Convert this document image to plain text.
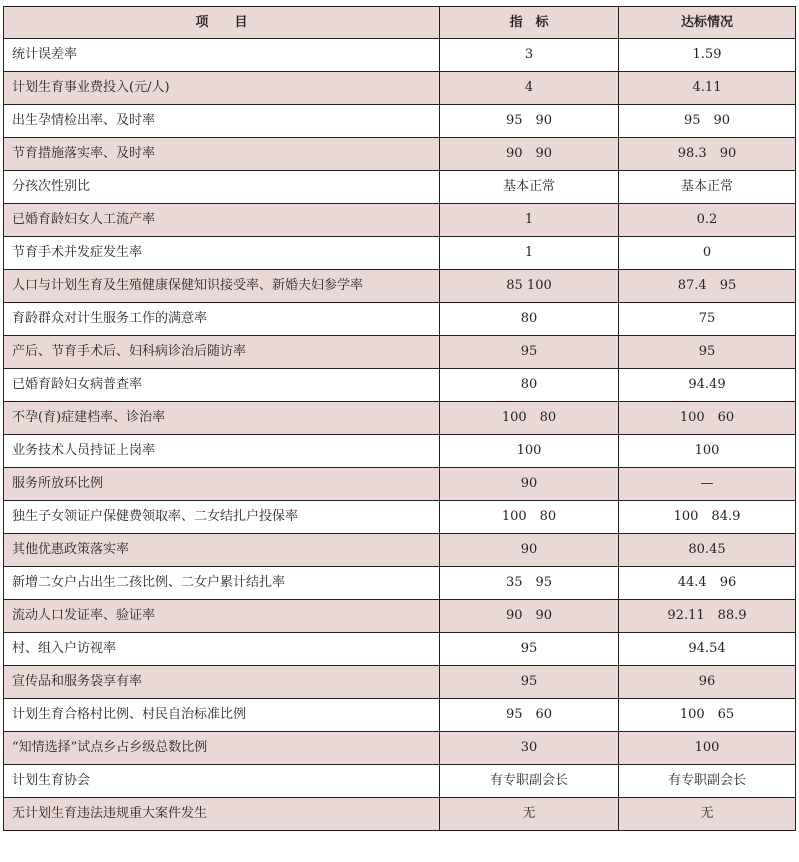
项　　目	指　标	达标情况
统计误差率	3	1.59
计划生育事业费投入(元/人)	4	4.11
出生孕情检出率、及时率	95　90	95　90
节育措施落实率、及时率	90　90	98.3　90
分孩次性别比	基本正常	基本正常
已婚育龄妇女人工流产率	1	0.2
节育手术并发症发生率	1	0
人口与计划生育及生殖健康保健知识接受率、新婚夫妇参学率	85 100	87.4　95
育龄群众对计生服务工作的满意率	80	75
产后、节育手术后、妇科病诊治后随访率	95	95
已婚育龄妇女病普查率	80	94.49
不孕(育)症建档率、诊治率	100　80	100　60
业务技术人员持证上岗率	100	100
服务所放环比例	90	—
独生子女领证户保健费领取率、二女结扎户投保率	100　80	100　84.9
其他优惠政策落实率	90	80.45
新增二女户占出生二孩比例、二女户累计结扎率	35　95	44.4　96
流动人口发证率、验证率	90　90	92.11　88.9
村、组入户访视率	95	94.54
宣传品和服务袋享有率	95	96
计划生育合格村比例、村民自治标准比例	95　60	100　65
“知情选择”试点乡占乡级总数比例	30	100
计划生育协会	有专职副会长	有专职副会长
无计划生育违法违规重大案件发生	无	无
